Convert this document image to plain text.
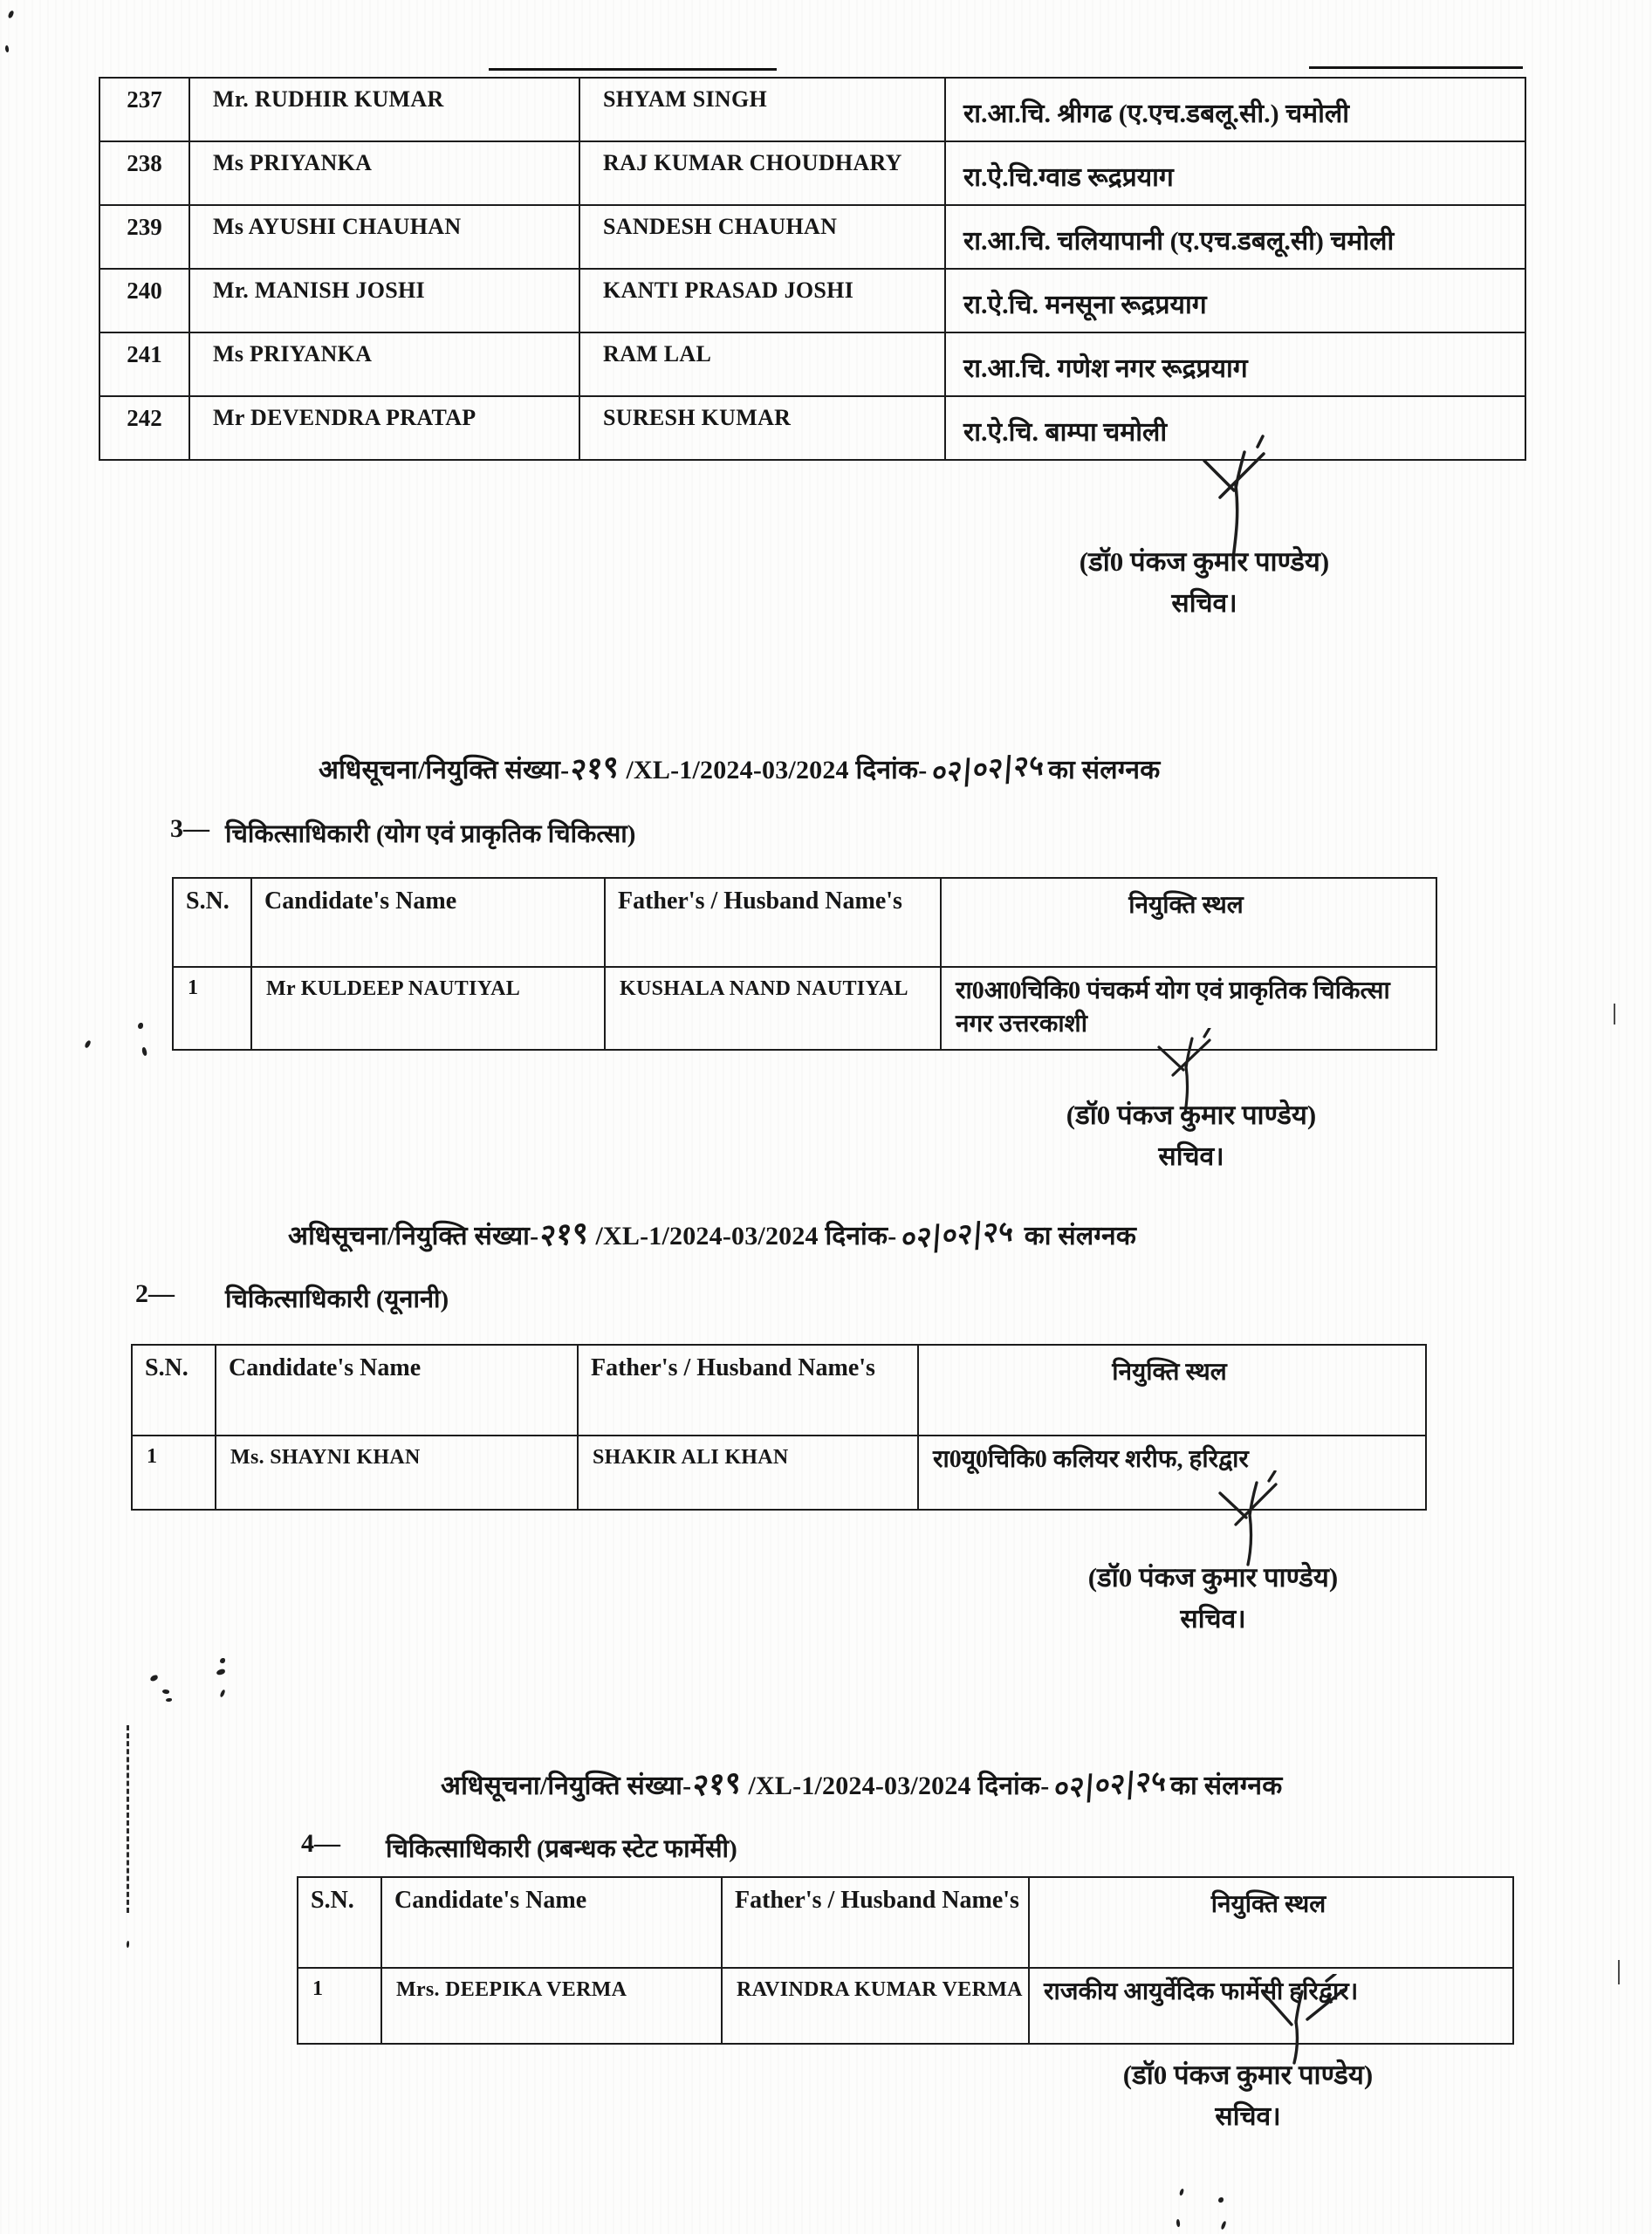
237	Mr. RUDHIR KUMAR	SHYAM SINGH	रा.आ.चि. श्रीगढ (ए.एच.डबलू.सी.) चमोली
238	Ms PRIYANKA	RAJ KUMAR CHOUDHARY	रा.ऐ.चि.ग्वाड रूद्रप्रयाग
239	Ms AYUSHI CHAUHAN	SANDESH CHAUHAN	रा.आ.चि. चलियापानी (ए.एच.डबलू.सी) चमोली
240	Mr. MANISH JOSHI	KANTI PRASAD JOSHI	रा.ऐ.चि. मनसूना रूद्रप्रयाग
241	Ms PRIYANKA	RAM LAL	रा.आ.चि. गणेश नगर रूद्रप्रयाग
242	Mr DEVENDRA PRATAP	SURESH KUMAR	रा.ऐ.चि. बाम्पा चमोली
(डॉ0 पंकज कुमार पाण्डेय)
सचिव।
अधिसूचना/नियुक्ति संख्या-२१९ /XL-1/2024-03/2024 दिनांक- ०२|०२|२५का संलग्नक
3— चिकित्साधिकारी (योग एवं प्राकृतिक चिकित्सा)
S.N.	Candidate's Name	Father's / Husband Name's	नियुक्ति स्थल
1	Mr KULDEEP NAUTIYAL	KUSHALA NAND NAUTIYAL	रा0आ0चिकि0 पंचकर्म योग एवं प्राकृतिक चिकित्सा नगर उत्तरकाशी
(डॉ0 पंकज कुमार पाण्डेय)
सचिव।
अधिसूचना/नियुक्ति संख्या-२१९ /XL-1/2024-03/2024 दिनांक- ०२|०२|२५ का संलग्नक
2— चिकित्साधिकारी (यूनानी)
S.N.	Candidate's Name	Father's / Husband Name's	नियुक्ति स्थल
1	Ms. SHAYNI KHAN	SHAKIR ALI KHAN	रा0यू0चिकि0 कलियर शरीफ, हरिद्वार
(डॉ0 पंकज कुमार पाण्डेय)
सचिव।
अधिसूचना/नियुक्ति संख्या-२१९ /XL-1/2024-03/2024 दिनांक- ०२|०२|२५का संलग्नक
4— चिकित्साधिकारी (प्रबन्धक स्टेट फार्मेसी)
S.N.	Candidate's Name	Father's / Husband Name's	नियुक्ति स्थल
1	Mrs. DEEPIKA VERMA	RAVINDRA KUMAR VERMA	राजकीय आयुर्वेदिक फार्मेसी हरिद्वार।
(डॉ0 पंकज कुमार पाण्डेय)
सचिव।
